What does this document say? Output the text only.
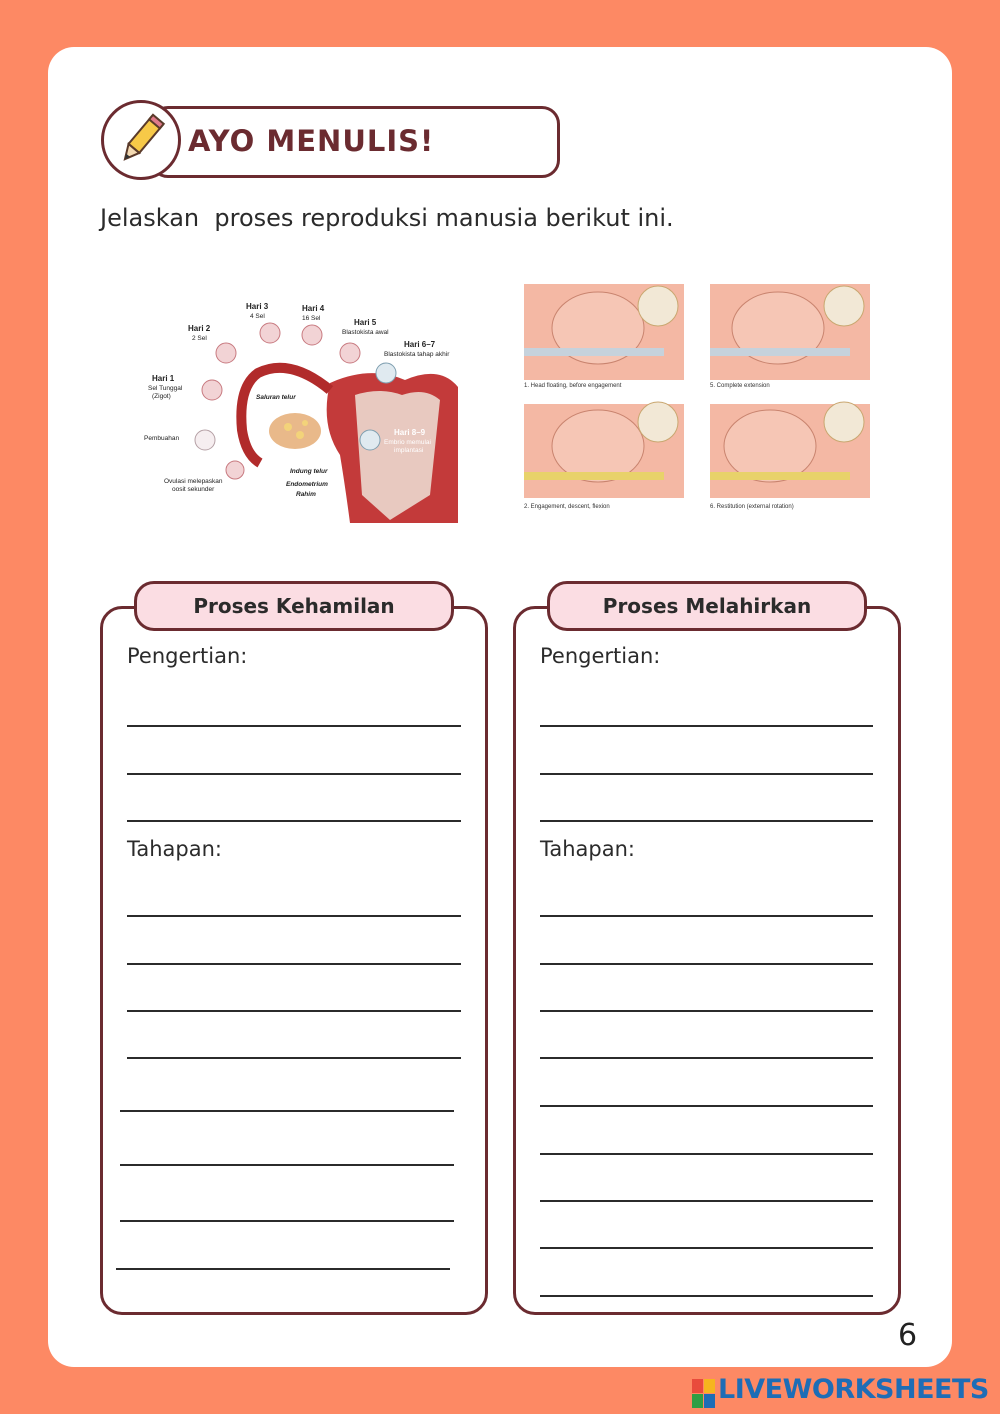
AYO MENULIS!
Jelaskan  proses reproduksi manusia berikut ini.
Hari 1
Sel Tunggal
(Zigot)
Hari 2
2 Sel
Hari 3
4 Sel
Hari 4
16 Sel	Hari 5
Blastokista awal
Hari 6–7
Blastokista tahap akhir
Hari 8–9
Embrio memulai
implantasi
Pembuahan
Ovulasi melepaskan
oosit sekunder
Saluran telur
Indung telur
Endometrium
Rahim
1. Head floating, before engagement	5. Complete extension
2. Engagement, descent, flexion	6. Restitution (external rotation)
Proses Kehamilan
Pengertian:
Tahapan:
Proses Melahirkan
Pengertian:
Tahapan:
6
LIVEWORKSHEETS
